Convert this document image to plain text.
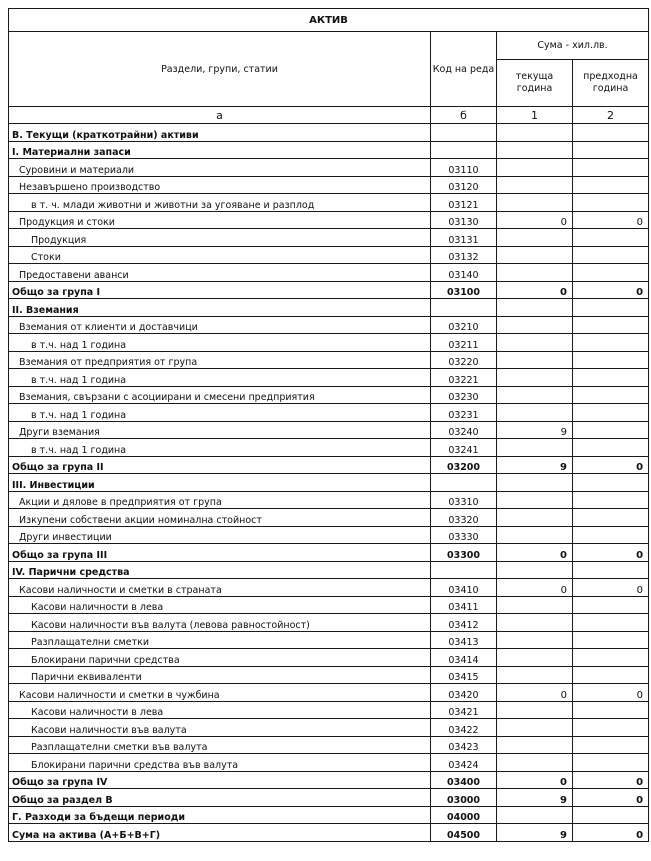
АКТИВ			
Раздели, групи, статии	Код на реда	Сума - хил.лв.	
		текуща година	предходна година
а	б	1	2
В. Текущи (краткотрайни) активи			
I. Материални запаси			
Суровини и материали	03110		
Незавършено производство	03120		
в т. ч. млади животни и животни за угояване и разплод	03121		
Продукция и стоки	03130	0	0
Продукция	03131		
Стоки	03132		
Предоставени аванси	03140		
Общо за група I	03100	0	0
II. Вземания			
Вземания от клиенти и доставчици	03210		
в т.ч. над 1 година	03211		
Вземания от предприятия от група	03220		
в т.ч. над 1 година	03221		
Вземания, свързани с асоциирани и смесени предприятия	03230		
в т.ч. над 1 година	03231		
Други вземания	03240	9	
в т.ч. над 1 година	03241		
Общо за група II	03200	9	0
III. Инвестиции			
Акции и дялове в предприятия от група	03310		
Изкупени собствени акции номинална стойност	03320		
Други инвестиции	03330		
Общо за група III	03300	0	0
IV. Парични средства			
Касови наличности и сметки в страната	03410	0	0
Касови наличности в лева	03411		
Касови наличности във валута (левова равностойност)	03412		
Разплащателни сметки	03413		
Блокирани парични средства	03414		
Парични еквиваленти	03415		
Касови наличности и сметки в чужбина	03420	0	0
Касови наличности в лева	03421		
Касови наличности във валута	03422		
Разплащателни сметки във валута	03423		
Блокирани парични средства във валута	03424		
Общо за група IV	03400	0	0
Общо за раздел В	03000	9	0
Г. Разходи за бъдещи периоди	04000		
Сума на актива (А+Б+В+Г)	04500	9	0
